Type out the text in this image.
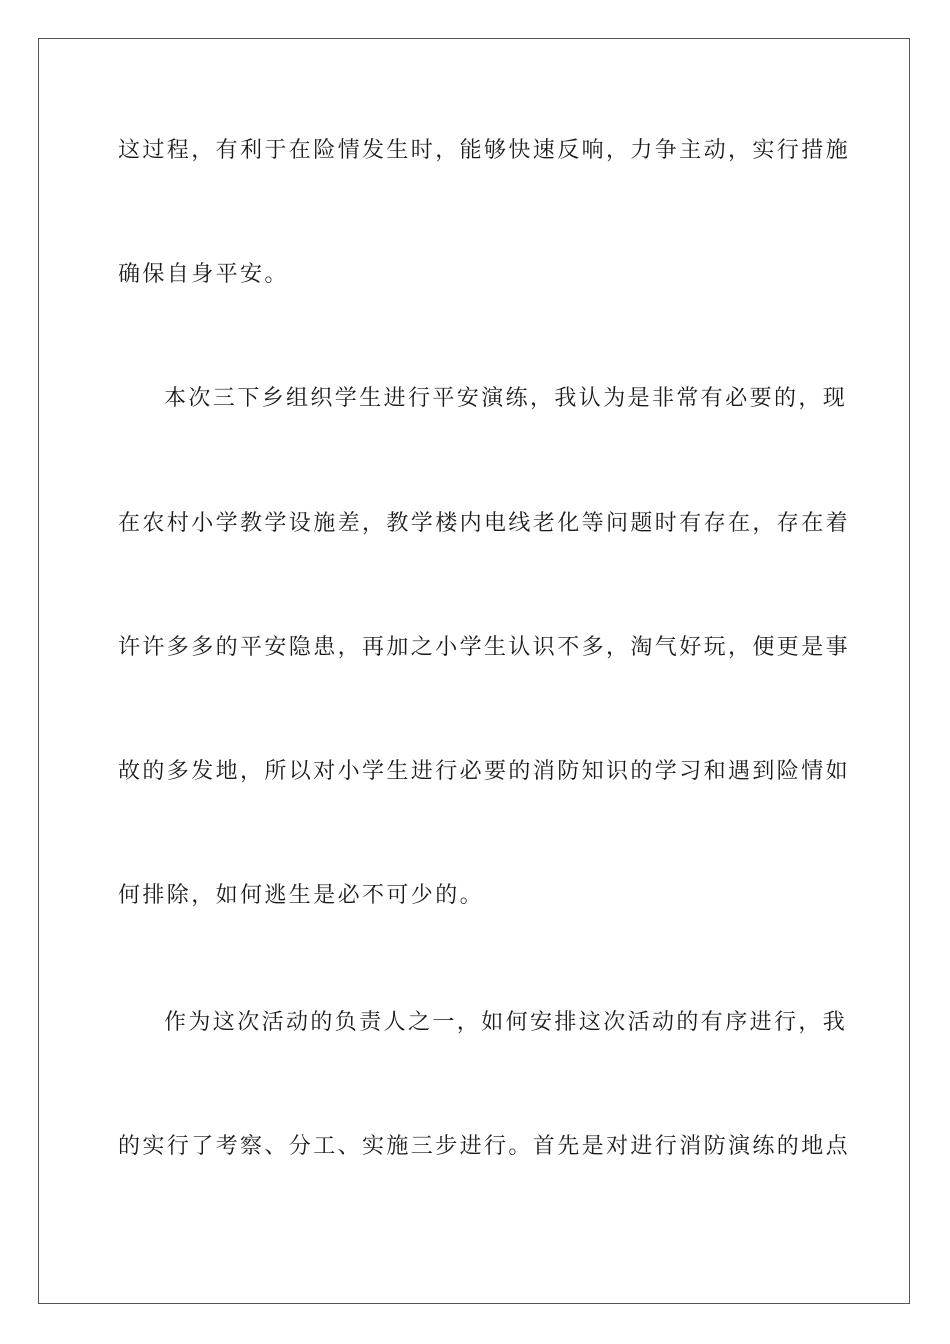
这过程，有利于在险情发生时，能够快速反响，力争主动，实行措施
确保自身平安。
本次三下乡组织学生进行平安演练，我认为是非常有必要的，现
在农村小学教学设施差，教学楼内电线老化等问题时有存在，存在着
许许多多的平安隐患，再加之小学生认识不多，淘气好玩，便更是事
故的多发地，所以对小学生进行必要的消防知识的学习和遇到险情如
何排除，如何逃生是必不可少的。
作为这次活动的负责人之一，如何安排这次活动的有序进行，我
的实行了考察、分工、实施三步进行。首先是对进行消防演练的地点
